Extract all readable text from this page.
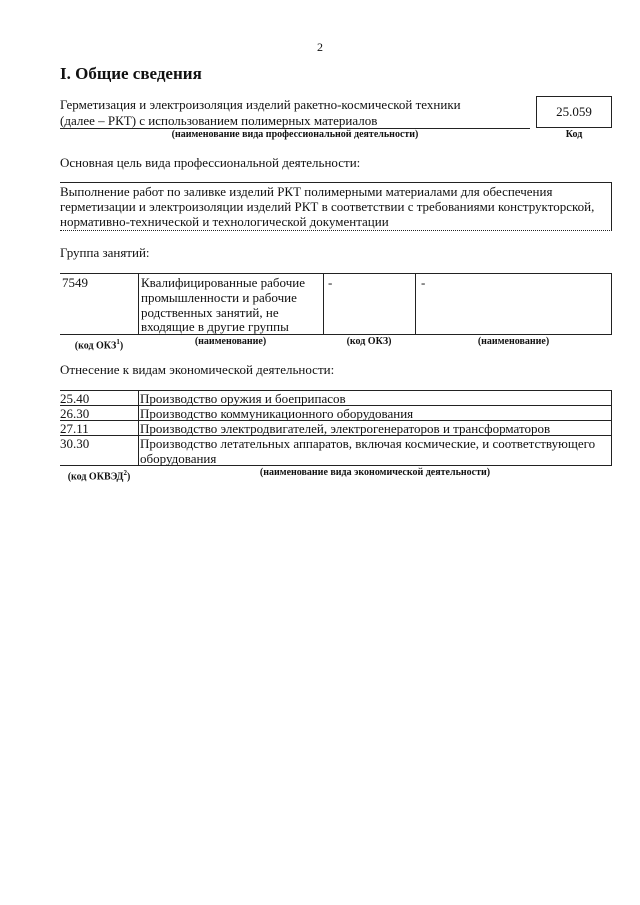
2
I. Общие сведения
Герметизация и электроизоляция изделий ракетно-космической техники
(далее – РКТ) с использованием полимерных материалов
(наименование вида профессиональной деятельности)
25.059
Код
Основная цель вида профессиональной деятельности:
Выполнение работ по заливке изделий РКТ полимерными материалами для обеспечения
герметизации и электроизоляции изделий РКТ в соответствии с требованиями конструкторской,
нормативно-технической и технологической документации
Группа занятий:
7549	Квалифицированные рабочие
промышленности и рабочие
родственных занятий, не
входящие в другие группы
-	-
(код ОКЗ$^1$)	(наименование)	(код ОКЗ)	(наименование)
Отнесение к видам экономической деятельности:
25.40	Производство оружия и боеприпасов
26.30	Производство коммуникационного оборудования
27.11	Производство электродвигателей, электрогенераторов и трансформаторов
30.30	Производство летательных аппаратов, включая космические, и соответствующего
оборудования
(код ОКВЭД$^2$)	(наименование вида экономической деятельности)
